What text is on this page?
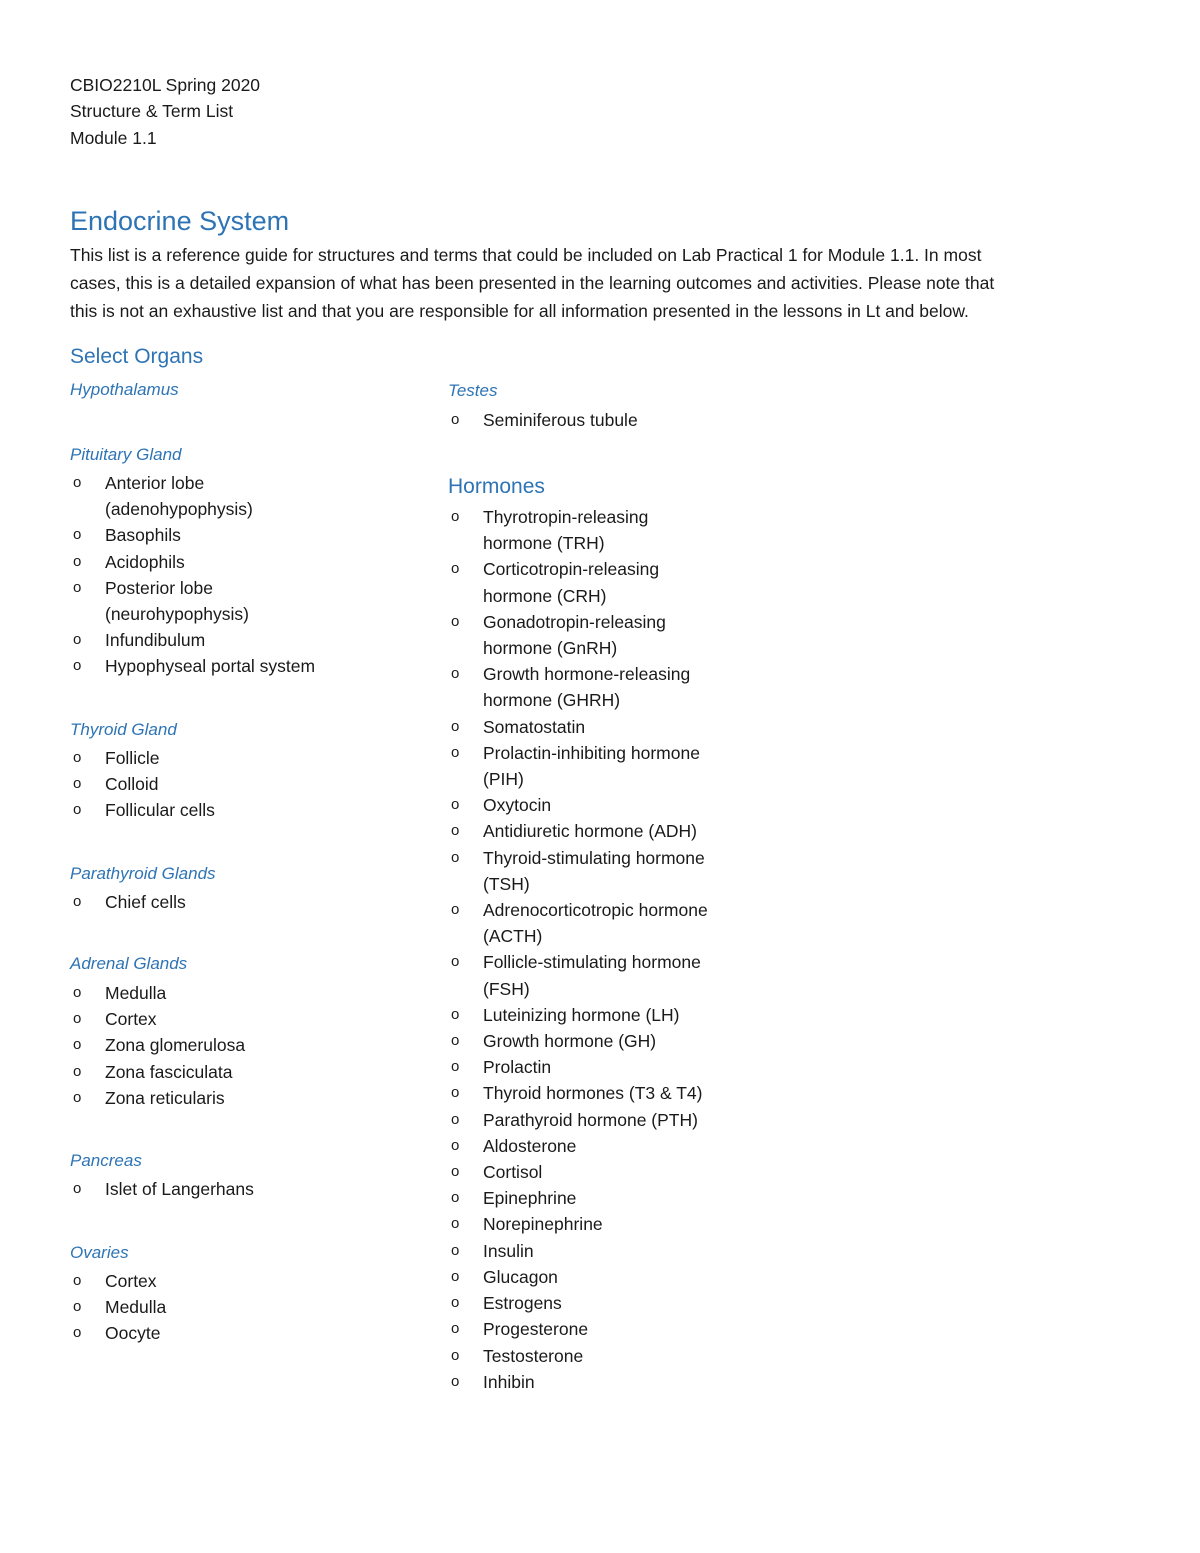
CBIO2210L Spring 2020
Structure & Term List
Module 1.1
Endocrine System
This list is a reference guide for structures and terms that could be included on Lab Practical 1 for Module 1.1. In most
cases, this is a detailed expansion of what has been presented in the learning outcomes and activities. Please note that
this is not an exhaustive list and that you are responsible for all information presented in the lessons in Lt and below.
Select Organs
Hypothalamus
Pituitary Gland
o Anterior lobe
(adenohypophysis)
o Basophils
o Acidophils
o Posterior lobe
(neurohypophysis)
o Infundibulum
o Hypophyseal portal system
Thyroid Gland
o Follicle
o Colloid
o Follicular cells
Parathyroid Glands
o Chief cells
Adrenal Glands
o Medulla
o Cortex
o Zona glomerulosa
o Zona fasciculata
o Zona reticularis
Pancreas
o Islet of Langerhans
Ovaries
o Cortex
o Medulla
o Oocyte
Testes
o Seminiferous tubule
Hormones
o Thyrotropin-releasing
hormone (TRH)
o Corticotropin-releasing
hormone (CRH)
o Gonadotropin-releasing
hormone (GnRH)
o Growth hormone-releasing
hormone (GHRH)
o Somatostatin
o Prolactin-inhibiting hormone
(PIH)
o Oxytocin
o Antidiuretic hormone (ADH)
o Thyroid-stimulating hormone
(TSH)
o Adrenocorticotropic hormone
(ACTH)
o Follicle-stimulating hormone
(FSH)
o Luteinizing hormone (LH)
o Growth hormone (GH)
o Prolactin
o Thyroid hormones (T3 & T4)
o Parathyroid hormone (PTH)
o Aldosterone
o Cortisol
o Epinephrine
o Norepinephrine
o Insulin
o Glucagon
o Estrogens
o Progesterone
o Testosterone
o Inhibin
